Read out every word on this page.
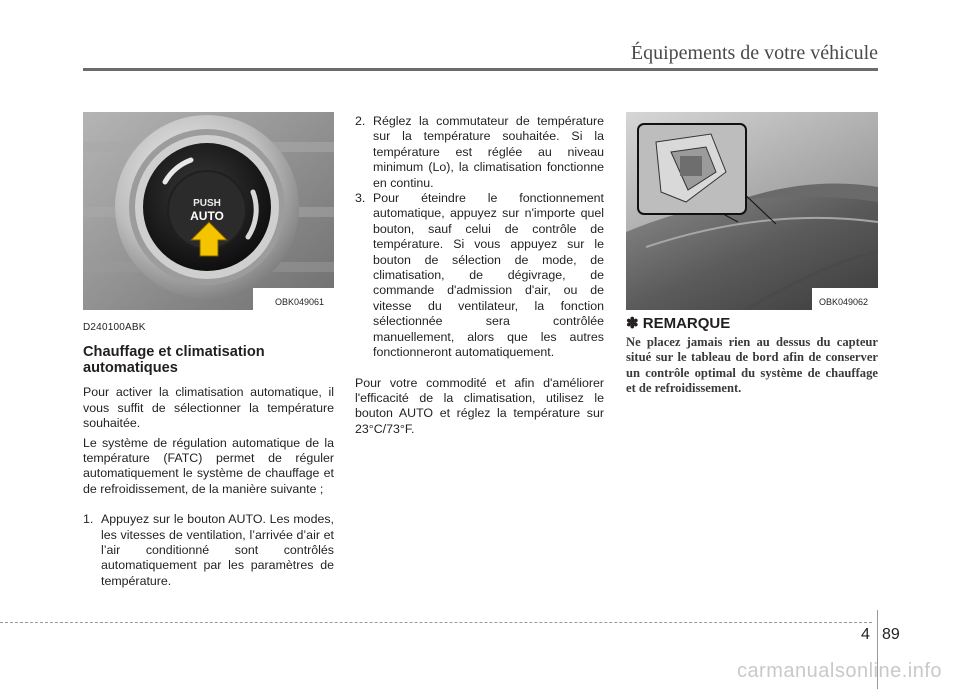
Équipements de votre véhicule
PUSH
AUTO
OBK049061	OBK049062

D240100ABK

Chauffage et climatisation automatiques

Pour activer la climatisation automatique, il vous suffit de sélectionner la température souhaitée.

Le système de régulation automatique de la température (FATC) permet de réguler automatiquement le système de chauffage et de refroidissement, de la manière suivante ;

1. Appuyez sur le bouton AUTO. Les modes, les vitesses de ventilation, l’arrivée d’air et l’air conditionné sont contrôlés automatiquement par les paramètres de température.
2. Réglez la commutateur de température sur la température souhaitée. Si la température est réglée au niveau minimum (Lo), la climatisation fonctionne en continu.
3. Pour éteindre le fonctionnement automatique, appuyez sur n'importe quel bouton, sauf celui de contrôle de température. Si vous appuyez sur le bouton de sélection de mode, de climatisation, de dégivrage, de commande d'admission d'air, ou de vitesse du ventilateur, la fonction sélectionnée sera contrôlée manuellement, alors que les autres fonctionneront automatiquement.

Pour votre commodité et afin d'améliorer l'efficacité de la climatisation, utilisez le bouton AUTO et réglez la température sur 23°C/73°F.

✽ REMARQUE
Ne placez jamais rien au dessus du capteur situé sur le tableau de bord afin de conserver un contrôle optimal du système de chauffage et de refroidissement.
4 89
carmanualsonline.info
